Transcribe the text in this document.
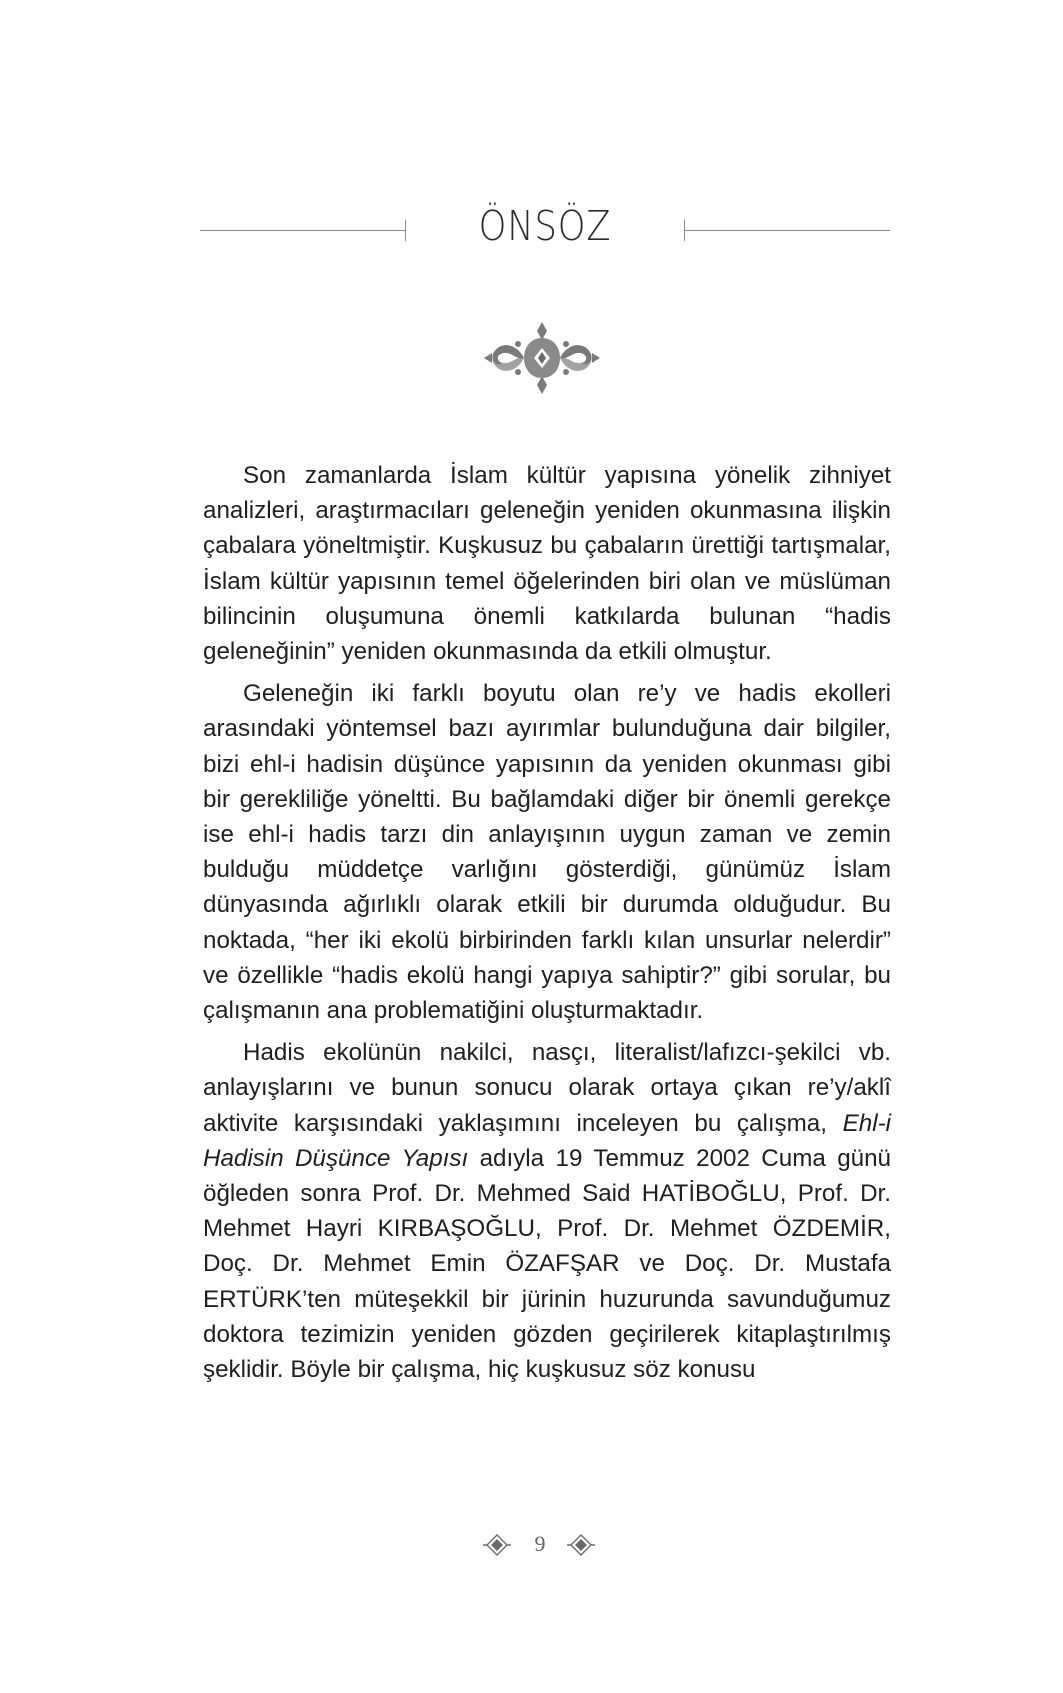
ÖNSÖZ

Son zamanlarda İslam kültür yapısına yönelik zihniyet analizleri, araştırmacıları geleneğin yeniden okunmasına ilişkin çabalara yöneltmiştir. Kuşkusuz bu çabaların ürettiği tartışmalar, İslam kültür yapısının temel öğelerinden biri olan ve müslüman bilincinin oluşumuna önemli katkılarda bulunan “hadis geleneğinin” yeniden okunmasında da etkili olmuştur.

Geleneğin iki farklı boyutu olan re’y ve hadis ekolleri arasındaki yöntemsel bazı ayırımlar bulunduğuna dair bilgiler, bizi ehl-i hadisin düşünce yapısının da yeniden okunması gibi bir gerekliliğe yöneltti. Bu bağlamdaki diğer bir önemli gerekçe ise ehl-i hadis tarzı din anlayışının uygun zaman ve zemin bulduğu müddetçe varlığını gösterdiği, günümüz İslam dünyasında ağırlıklı olarak etkili bir durumda olduğudur. Bu noktada, “her iki ekolü birbirinden farklı kılan unsurlar nelerdir” ve özellikle “hadis ekolü hangi yapıya sahiptir?” gibi sorular, bu çalışmanın ana problematiğini oluşturmaktadır.

Hadis ekolünün nakilci, nasçı, literalist/lafızcı-şekilci vb. anlayışlarını ve bunun sonucu olarak ortaya çıkan re’y/aklî aktivite karşısındaki yaklaşımını inceleyen bu çalışma, Ehl-i Hadisin Düşünce Yapısı adıyla 19 Temmuz 2002 Cuma günü öğleden sonra Prof. Dr. Mehmed Said HATİBOĞLU, Prof. Dr. Mehmet Hayri KIRBAŞOĞLU, Prof. Dr. Mehmet ÖZDEMİR, Doç. Dr. Mehmet Emin ÖZAFŞAR ve Doç. Dr. Mustafa ERTÜRK’ten müteşekkil bir jürinin huzurunda savunduğumuz doktora tezimizin yeniden gözden geçirilerek kitaplaştırılmış şeklidir. Böyle bir çalışma, hiç kuşkusuz söz konusu

9
